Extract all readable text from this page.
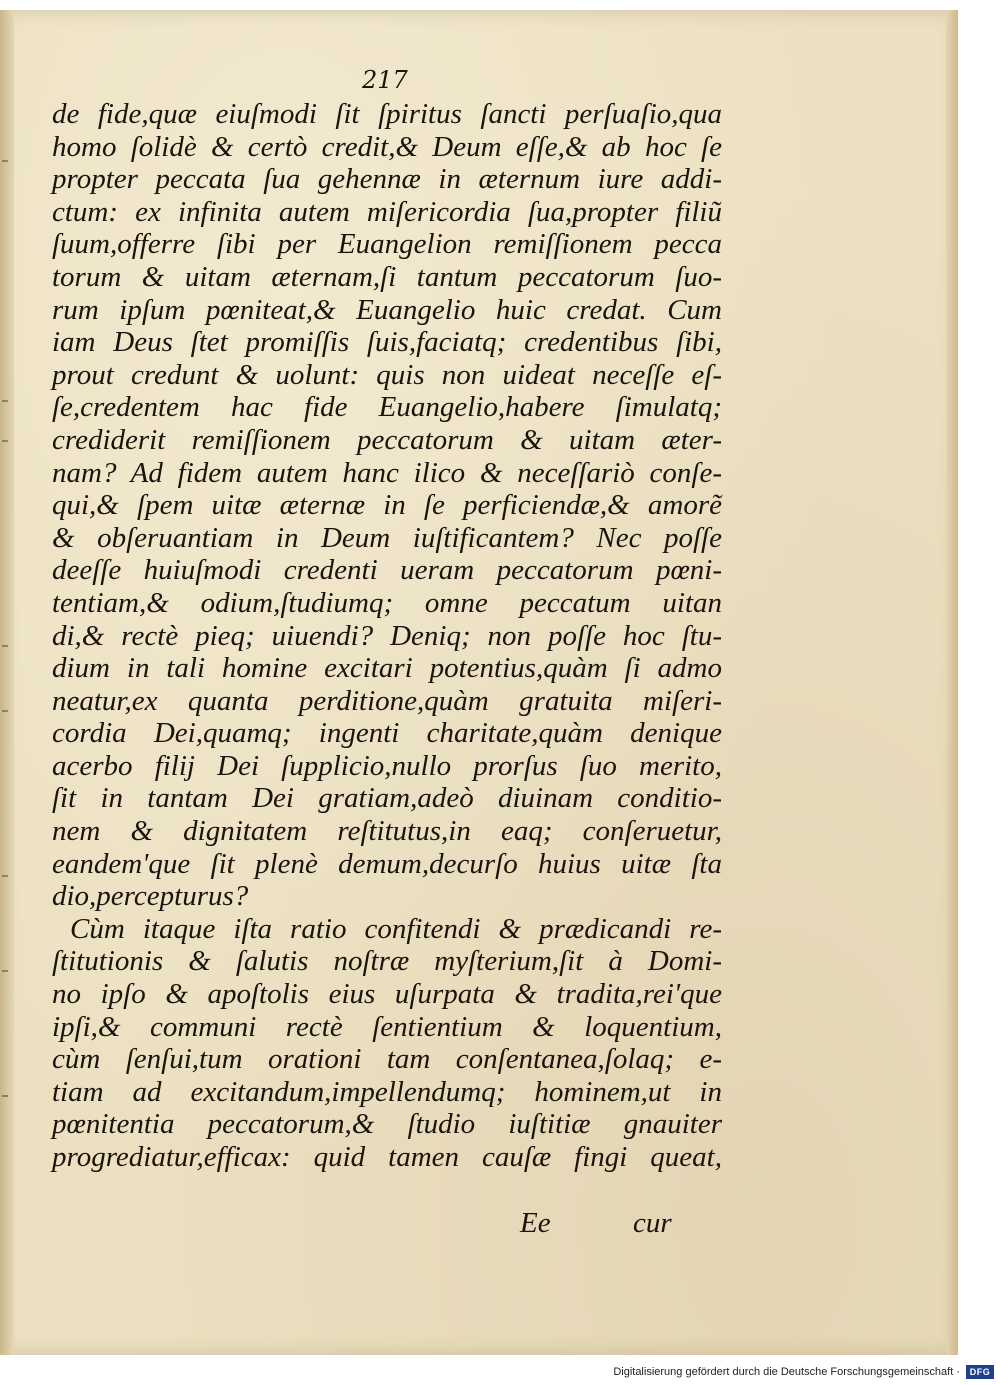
217
de fide,quæ eiuſmodi ſit ſpiritus ſancti perſuaſio,qua
homo ſolidè & certò credit,& Deum eſſe,& ab hoc ſe
propter peccata ſua gehennæ in æternum iure addi-
ctum: ex infinita autem miſericordia ſua,propter filiũ
ſuum,offerre ſibi per Euangelion remiſſionem pecca
torum & uitam æternam,ſi tantum peccatorum ſuo-
rum ipſum pœniteat,& Euangelio huic credat. Cum
iam Deus ſtet promiſſis ſuis,faciatq; credentibus ſibi,
prout credunt & uolunt: quis non uideat neceſſe eſ-
ſe,credentem hac fide Euangelio,habere ſimulatq;
crediderit remiſſionem peccatorum & uitam æter-
nam? Ad fidem autem hanc ilico & neceſſariò conſe-
qui,& ſpem uitæ æternæ in ſe perficiendæ,& amorẽ
& obſeruantiam in Deum iuſtificantem? Nec poſſe
deeſſe huiuſmodi credenti ueram peccatorum pœni-
tentiam,& odium,ſtudiumq; omne peccatum uitan
di,& rectè pieq; uiuendi? Deniq; non poſſe hoc ſtu-
dium in tali homine excitari potentius,quàm ſi admo
neatur,ex quanta perditione,quàm gratuita miſeri-
cordia Dei,quamq; ingenti charitate,quàm denique
acerbo filij Dei ſupplicio,nullo prorſus ſuo merito,
ſit in tantam Dei gratiam,adeò diuinam conditio-
nem & dignitatem reſtitutus,in eaq; conſeruetur,
eandem'que ſit plenè demum,decurſo huius uitæ ſta
dio,percepturus?
Cùm itaque iſta ratio confitendi & prædicandi re-
ſtitutionis & ſalutis noſtræ myſterium,ſit à Domi-
no ipſo & apoſtolis eius uſurpata & tradita,rei'que
ipſi,& communi rectè ſentientium & loquentium,
cùm ſenſui,tum orationi tam conſentanea,ſolaq; e-
tiam ad excitandum,impellendumq; hominem,ut in
pœnitentia peccatorum,& ſtudio iuſtitiæ gnauiter
progrediatur,efficax: quid tamen cauſæ fingi queat,
Ee	cur
Digitalisierung gefördert durch die Deutsche Forschungsgemeinschaft ·	DFG
